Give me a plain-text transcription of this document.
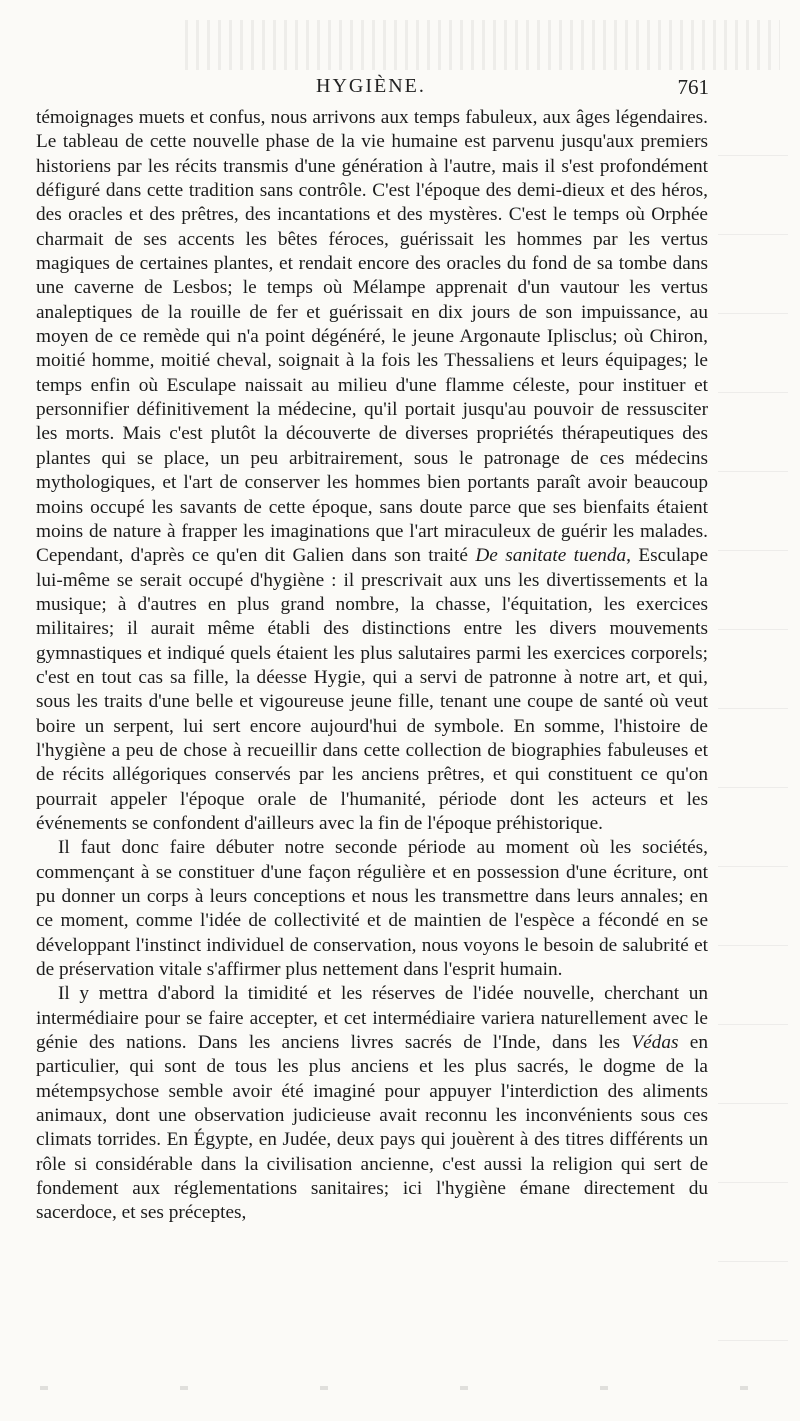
HYGIÈNE.	761

témoignages muets et confus, nous arrivons aux temps fabuleux, aux âges légendaires. Le tableau de cette nouvelle phase de la vie humaine est parvenu jusqu'aux premiers historiens par les récits transmis d'une génération à l'autre, mais il s'est profondément défiguré dans cette tradition sans contrôle. C'est l'époque des demi-dieux et des héros, des oracles et des prêtres, des incantations et des mystères. C'est le temps où Orphée charmait de ses accents les bêtes féroces, guérissait les hommes par les vertus magiques de certaines plantes, et rendait encore des oracles du fond de sa tombe dans une caverne de Lesbos; le temps où Mélampe apprenait d'un vautour les vertus analeptiques de la rouille de fer et guérissait en dix jours de son impuissance, au moyen de ce remède qui n'a point dégénéré, le jeune Argonaute Iplisclus; où Chiron, moitié homme, moitié cheval, soignait à la fois les Thessaliens et leurs équipages; le temps enfin où Esculape naissait au milieu d'une flamme céleste, pour instituer et personnifier définitivement la médecine, qu'il portait jusqu'au pouvoir de ressusciter les morts. Mais c'est plutôt la découverte de diverses propriétés thérapeutiques des plantes qui se place, un peu arbitrairement, sous le patronage de ces médecins mythologiques, et l'art de conserver les hommes bien portants paraît avoir beaucoup moins occupé les savants de cette époque, sans doute parce que ses bienfaits étaient moins de nature à frapper les imaginations que l'art miraculeux de guérir les malades. Cependant, d'après ce qu'en dit Galien dans son traité De sanitate tuenda, Esculape lui-même se serait occupé d'hygiène : il prescrivait aux uns les divertissements et la musique; à d'autres en plus grand nombre, la chasse, l'équitation, les exercices militaires; il aurait même établi des distinctions entre les divers mouvements gymnastiques et indiqué quels étaient les plus salutaires parmi les exercices corporels; c'est en tout cas sa fille, la déesse Hygie, qui a servi de patronne à notre art, et qui, sous les traits d'une belle et vigoureuse jeune fille, tenant une coupe de santé où veut boire un serpent, lui sert encore aujourd'hui de symbole. En somme, l'histoire de l'hygiène a peu de chose à recueillir dans cette collection de biographies fabuleuses et de récits allégoriques conservés par les anciens prêtres, et qui constituent ce qu'on pourrait appeler l'époque orale de l'humanité, période dont les acteurs et les événements se confondent d'ailleurs avec la fin de l'époque préhistorique.

Il faut donc faire débuter notre seconde période au moment où les sociétés, commençant à se constituer d'une façon régulière et en possession d'une écriture, ont pu donner un corps à leurs conceptions et nous les transmettre dans leurs annales; en ce moment, comme l'idée de collectivité et de maintien de l'espèce a fécondé en se développant l'instinct individuel de conservation, nous voyons le besoin de salubrité et de préservation vitale s'affirmer plus nettement dans l'esprit humain.

Il y mettra d'abord la timidité et les réserves de l'idée nouvelle, cherchant un intermédiaire pour se faire accepter, et cet intermédiaire variera naturellement avec le génie des nations. Dans les anciens livres sacrés de l'Inde, dans les Védas en particulier, qui sont de tous les plus anciens et les plus sacrés, le dogme de la métempsychose semble avoir été imaginé pour appuyer l'interdiction des aliments animaux, dont une observation judicieuse avait reconnu les inconvénients sous ces climats torrides. En Égypte, en Judée, deux pays qui jouèrent à des titres différents un rôle si considérable dans la civilisation ancienne, c'est aussi la religion qui sert de fondement aux réglementations sanitaires; ici l'hygiène émane directement du sacerdoce, et ses préceptes,
